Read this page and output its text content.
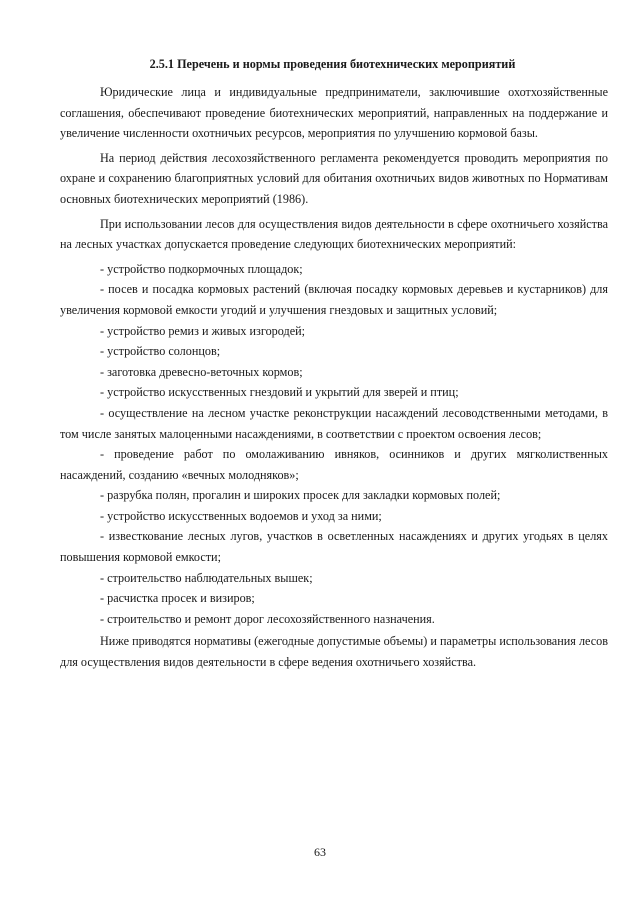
2.5.1 Перечень и нормы проведения биотехнических мероприятий

Юридические лица и индивидуальные предприниматели, заключившие охотхозяйственные соглашения, обеспечивают проведение биотехнических мероприятий, направленных на поддержание и увеличение численности охотничьих ресурсов, мероприятия по улучшению кормовой базы.

На период действия лесохозяйственного регламента рекомендуется проводить мероприятия по охране и сохранению благоприятных условий для обитания охотничьих видов животных по Нормативам основных биотехнических мероприятий (1986).

При использовании лесов для осуществления видов деятельности в сфере охотничьего хозяйства на лесных участках допускается проведение следующих биотехнических мероприятий:

- устройство подкормочных площадок;

- посев и посадка кормовых растений (включая посадку кормовых деревьев и кустарников) для увеличения кормовой емкости угодий и улучшения гнездовых и защитных условий;

- устройство ремиз и живых изгородей;

- устройство солонцов;

- заготовка древесно-веточных кормов;

- устройство искусственных гнездовий и укрытий для зверей и птиц;

- осуществление на лесном участке реконструкции насаждений лесоводственными методами, в том числе занятых малоценными насаждениями, в соответствии с проектом освоения лесов;

- проведение работ по омолаживанию ивняков, осинников и других мягколиственных насаждений, созданию «вечных молодняков»;

- разрубка полян, прогалин и широких просек для закладки кормовых полей;

- устройство искусственных водоемов и уход за ними;

- известкование лесных лугов, участков в осветленных насаждениях и других угодьях в целях повышения кормовой емкости;

- строительство наблюдательных вышек;

- расчистка просек и визиров;

- строительство и ремонт дорог лесохозяйственного назначения.

Ниже приводятся нормативы (ежегодные допустимые объемы) и параметры использования лесов для осуществления видов деятельности в сфере ведения охотничьего хозяйства.

63
